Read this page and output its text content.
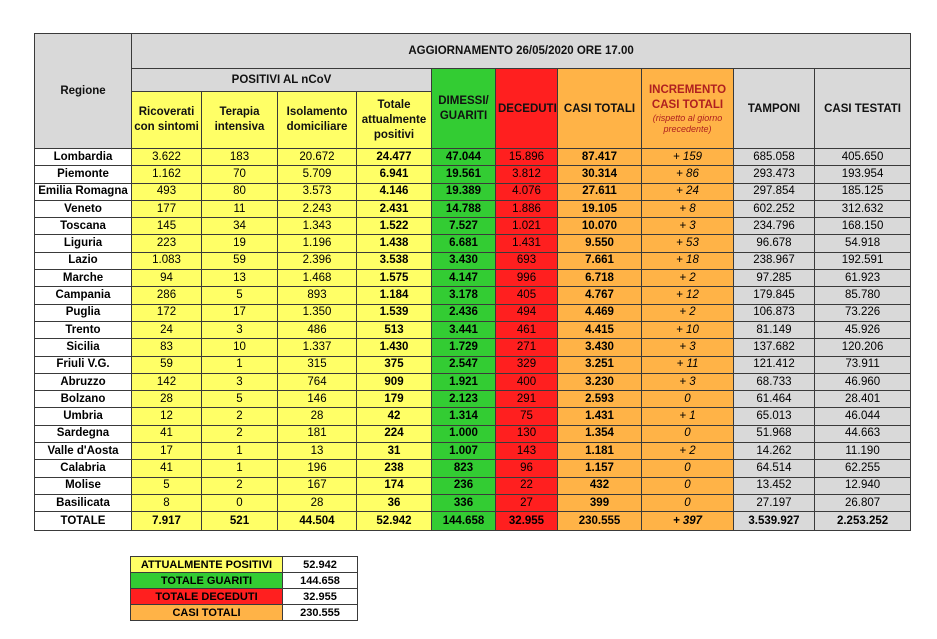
Regione	AGGIORNAMENTO 26/05/2020 ORE 17.00									
	POSITIVI AL nCoV				DIMESSI/ GUARITI	DECEDUTI	CASI TOTALI	INCREMENTO CASI TOTALI
(rispetto al giorno precedente)	TAMPONI	CASI TESTATI
	Ricoverati con sintomi	Terapia intensiva	Isolamento domiciliare	Totale attualmente positivi						
Lombardia	3.622	183	20.672	24.477	47.044	15.896	87.417	+ 159	685.058	405.650
Piemonte	1.162	70	5.709	6.941	19.561	3.812	30.314	+ 86	293.473	193.954
Emilia Romagna	493	80	3.573	4.146	19.389	4.076	27.611	+ 24	297.854	185.125
Veneto	177	11	2.243	2.431	14.788	1.886	19.105	+ 8	602.252	312.632
Toscana	145	34	1.343	1.522	7.527	1.021	10.070	+ 3	234.796	168.150
Liguria	223	19	1.196	1.438	6.681	1.431	9.550	+ 53	96.678	54.918
Lazio	1.083	59	2.396	3.538	3.430	693	7.661	+ 18	238.967	192.591
Marche	94	13	1.468	1.575	4.147	996	6.718	+ 2	97.285	61.923
Campania	286	5	893	1.184	3.178	405	4.767	+ 12	179.845	85.780
Puglia	172	17	1.350	1.539	2.436	494	4.469	+ 2	106.873	73.226
Trento	24	3	486	513	3.441	461	4.415	+ 10	81.149	45.926
Sicilia	83	10	1.337	1.430	1.729	271	3.430	+ 3	137.682	120.206
Friuli V.G.	59	1	315	375	2.547	329	3.251	+ 11	121.412	73.911
Abruzzo	142	3	764	909	1.921	400	3.230	+ 3	68.733	46.960
Bolzano	28	5	146	179	2.123	291	2.593	0	61.464	28.401
Umbria	12	2	28	42	1.314	75	1.431	+ 1	65.013	46.044
Sardegna	41	2	181	224	1.000	130	1.354	0	51.968	44.663
Valle d'Aosta	17	1	13	31	1.007	143	1.181	+ 2	14.262	11.190
Calabria	41	1	196	238	823	96	1.157	0	64.514	62.255
Molise	5	2	167	174	236	22	432	0	13.452	12.940
Basilicata	8	0	28	36	336	27	399	0	27.197	26.807
TOTALE	7.917	521	44.504	52.942	144.658	32.955	230.555	+ 397	3.539.927	2.253.252
ATTUALMENTE POSITIVI	52.942
TOTALE GUARITI	144.658
TOTALE DECEDUTI	32.955
CASI TOTALI	230.555
